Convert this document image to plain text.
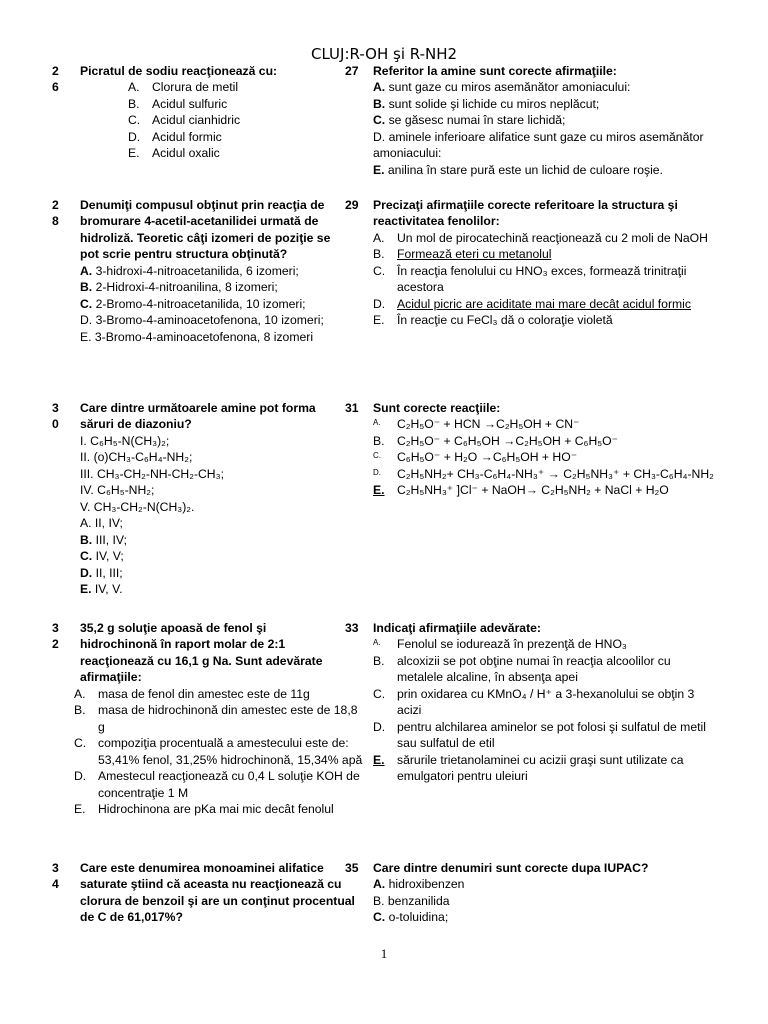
CLUJ:R-OH şi R-NH2
2
6
Picratul de sodiu reacţionează cu:
A.	Clorura de metil
B.	Acidul sulfuric
C. Acidul cianhidric
D. Acidul formic
E.	Acidul oxalic
27	Referitor la amine sunt corecte afirmaţiile:
A. sunt gaze cu miros asemănător amoniacului:
B. sunt solide şi lichide cu miros neplăcut;
C. se găsesc numai în stare lichidă;
D. aminele inferioare alifatice sunt gaze cu miros asemănător amoniacului:
E. anilina în stare pură este un lichid de culoare roşie.
2
8
Denumiţi compusul obţinut prin reacţia de bromurare 4-acetil-acetanilidei urmată de hidroliză. Teoretic câţi izomeri de poziţie se pot scrie pentru structura obţinută?
A. 3-hidroxi-4-nitroacetanilida, 6 izomeri;
B. 2-Hidroxi-4-nitroanilina, 8 izomeri;
C. 2-Bromo-4-nitroacetanilida, 10 izomeri;
D. 3-Bromo-4-aminoacetofenona, 10 izomeri;
E. 3-Bromo-4-aminoacetofenona, 8 izomeri
29	Precizaţi afirmaţiile corecte referitoare la structura şi reactivitatea fenolilor:
A.	Un mol de pirocatechină reacţionează cu 2 moli de NaOH
B.	Formează eteri cu metanolul
C. În reacţia fenolului cu HNO₃ exces, formează trinitraţii acestora
D. Acidul picric are aciditate mai mare decât acidul formic
E.	În reacţie cu FeCl₃ dă o coloraţie violetă
3
0
Care dintre următoarele amine pot forma săruri de diazoniu?
I. C₆H₅-N(CH₃)₂;
II. (o)CH₃-C₆H₄-NH₂;
III. CH₃-CH₂-NH-CH₂-CH₃;
IV. C₆H₅-NH₂;
V. CH₃-CH₂-N(CH₃)₂.
A. II, IV;
B. III, IV;
C. IV, V;
D. II, III;
E. IV, V.
31	Sunt corecte reacţiile:
A.	C₂H₅O⁻ + HCN →C₂H₅OH + CN⁻
B.	C₂H₅O⁻ + C₆H₅OH →C₂H₅OH + C₆H₅O⁻
C.	C₆H₅O⁻ + H₂O →C₆H₅OH + HO⁻
D.	C₂H₅NH₂+ CH₃-C₆H₄-NH₃⁺ → C₂H₅NH₃⁺ + CH₃-C₆H₄-NH₂
E.	C₂H₅NH₃⁺ ]Cl⁻ + NaOH→ C₂H₅NH₂ + NaCl + H₂O
3
2
35,2 g soluţie apoasă de fenol şi hidrochinonă în raport molar de 2:1 reacţionează cu 16,1 g Na. Sunt adevărate afirmaţiile:
A.	masa de fenol din amestec este de 11g
B.	masa de hidrochinonă din amestec este de 18,8 g
C. compoziţia procentuală a amestecului este de: 53,41% fenol, 31,25% hidrochinonă, 15,34% apă
D. Amestecul reacţionează cu 0,4 L soluţie KOH de concentraţie 1 M
E.	Hidrochinona are pKa mai mic decât fenolul
33	Indicaţi afirmaţiile adevărate:
A.	Fenolul se iodurează în prezenţă de HNO₃
B.	alcoxizii se pot obţine numai în reacţia alcoolilor cu metalele alcaline, în absenţa apei
C. prin oxidarea cu KMnO₄ / H⁺ a 3-hexanolului se obţin 3 acizi
D. pentru alchilarea aminelor se pot folosi şi sulfatul de metil sau sulfatul de etil
E.	sărurile trietanolaminei cu acizii graşi sunt utilizate ca emulgatori pentru uleiuri
3
4
Care este denumirea monoaminei alifatice saturate ştiind că aceasta nu reacţionează cu clorura de benzoil şi are un conţinut procentual de C de 61,017%?
35	Care dintre denumiri sunt corecte dupa IUPAC?
A. hidroxibenzen
B. benzanilida
C. o-toluidina;
1
